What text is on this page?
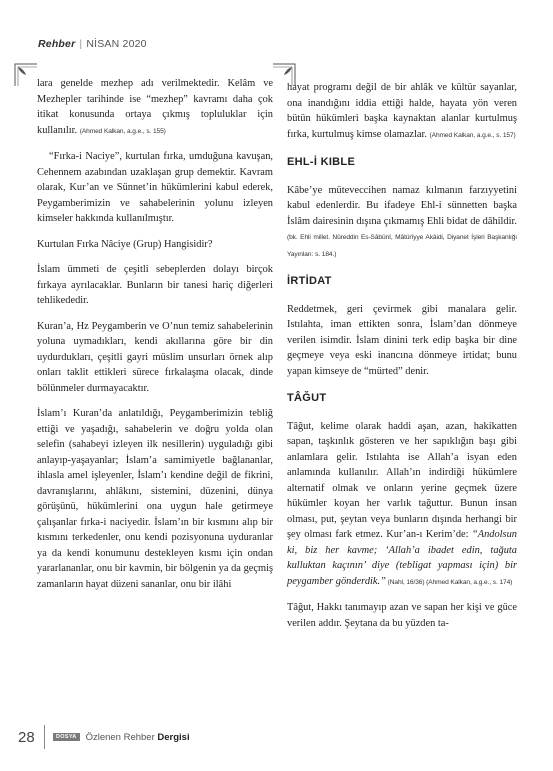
Rehber | NİSAN 2020

lara genelde mezhep adı verilmektedir. Kelâm ve Mezhepler tarihinde ise “mezhep” kavramı daha çok itikat konusunda ortaya çıkmış topluluklar için kullanılır. (Ahmed Kalkan, a.g.e., s. 155)

“Fırka-i Naciye”, kurtulan fırka, umduğuna kavuşan, Cehennem azabından uzaklaşan grup demektir. Kavram olarak, Kur’an ve Sünnet’in hükümlerini kabul ederek, Peygamberimizin ve sahabelerinin yolunu izleyen kimseler hakkında kullanılmıştır.

Kurtulan Fırka Nâciye (Grup) Hangisidir?

İslam ümmeti de çeşitli sebeplerden dolayı birçok fırkaya ayrılacaklar. Bunların bir tanesi hariç diğerleri tehlikededir.

Kuran’a, Hz Peygamberin ve O’nun temiz sahabelerinin yoluna uymadıkları, kendi akıllarına göre bir din uydurdukları, çeşitli gayri müslim unsurları örnek alıp onları taklit ettikleri sürece fırkalaşma olacak, dinde bölünmeler durmayacaktır.

İslam’ı Kuran’da anlatıldığı, Peygamberimizin tebliğ ettiği ve yaşadığı, sahabelerin ve doğru yolda olan selefin (sahabeyi izleyen ilk nesillerin) uyguladığı gibi anlayıp-yaşayanlar; İslam’a samimiyetle bağlananlar, ihlasla amel işleyenler, İslam’ı kendine değil de fikrini, davranışlarını, ahlâkını, sistemini, düzenini, dünya görüşünü, hükümlerini ona uygun hale getirmeye çalışanlar fırka-i naciyedir. İslam’ın bir kısmını alıp bir kısmını terkedenler, onu kendi pozisyonuna uyduranlar ya da kendi konumunu destekleyen kısmı için ondan yararlananlar, onu bir kavmin, bir bölgenin ya da geçmiş zamanların hayat düzeni sananlar, onu bir ilâhi

hayat programı değil de bir ahlâk ve kültür sayanlar, ona inandığını iddia ettiği halde, hayata yön veren bütün hükümleri başka kaynaktan alanlar kurtulmuş fırka, kurtulmuş kimse olamazlar. (Ahmed Kalkan, a.g.e., s. 157)

EHL-İ KIBLE

Kâbe’ye müteveccihen namaz kılmanın farzıyyetini kabul edenlerdir. Bu ifadeye Ehl-i sünnetten başka İslâm dairesinin dışına çıkmamış Ehli bidat de dâhildir. (bk. Ehli millet. Nûreddin Es-Sâbûnî, Mâtürîyye Akâidi, Diyanet İşleri Başkanlığı Yayınları: s. 184.)

İRTİDAT

Reddetmek, geri çevirmek gibi manalara gelir. Istılahta, iman ettikten sonra, İslam’dan dönmeye verilen isimdir. İslam dinini terk edip başka bir dine geçmeye veya eski inancına dönmeye irtidat; bunu yapan kimseye de “mürted” denir.

TÂĞUT

Tâğut, kelime olarak haddi aşan, azan, hakikatten sapan, taşkınlık gösteren ve her sapıklığın başı gibi anlamlara gelir. Istılahta ise Allah’a isyan eden anlamında kullanılır. Allah’ın indirdiği hükümlere alternatif olmak ve onların yerine geçmek üzere hükümler koyan her varlık tağuttur. Bunun insan olması, put, şeytan veya bunların dışında herhangi bir şey olması fark etmez. Kur’an-ı Kerim’de: “Andolsun ki, biz her kavme; ‘Allah’a ibadet edin, tağuta kulluktan kaçının’ diye (tebligat yapması için) bir peygamber gönderdik.” (Nahl, 16/36) (Ahmed Kalkan, a.g.e., s. 174)

Tâğut, Hakkı tanımayıp azan ve sapan her kişi ve güce verilen addır. Şeytana da bu yüzden ta-

28	DOSYA Özlenen Rehber Dergisi
